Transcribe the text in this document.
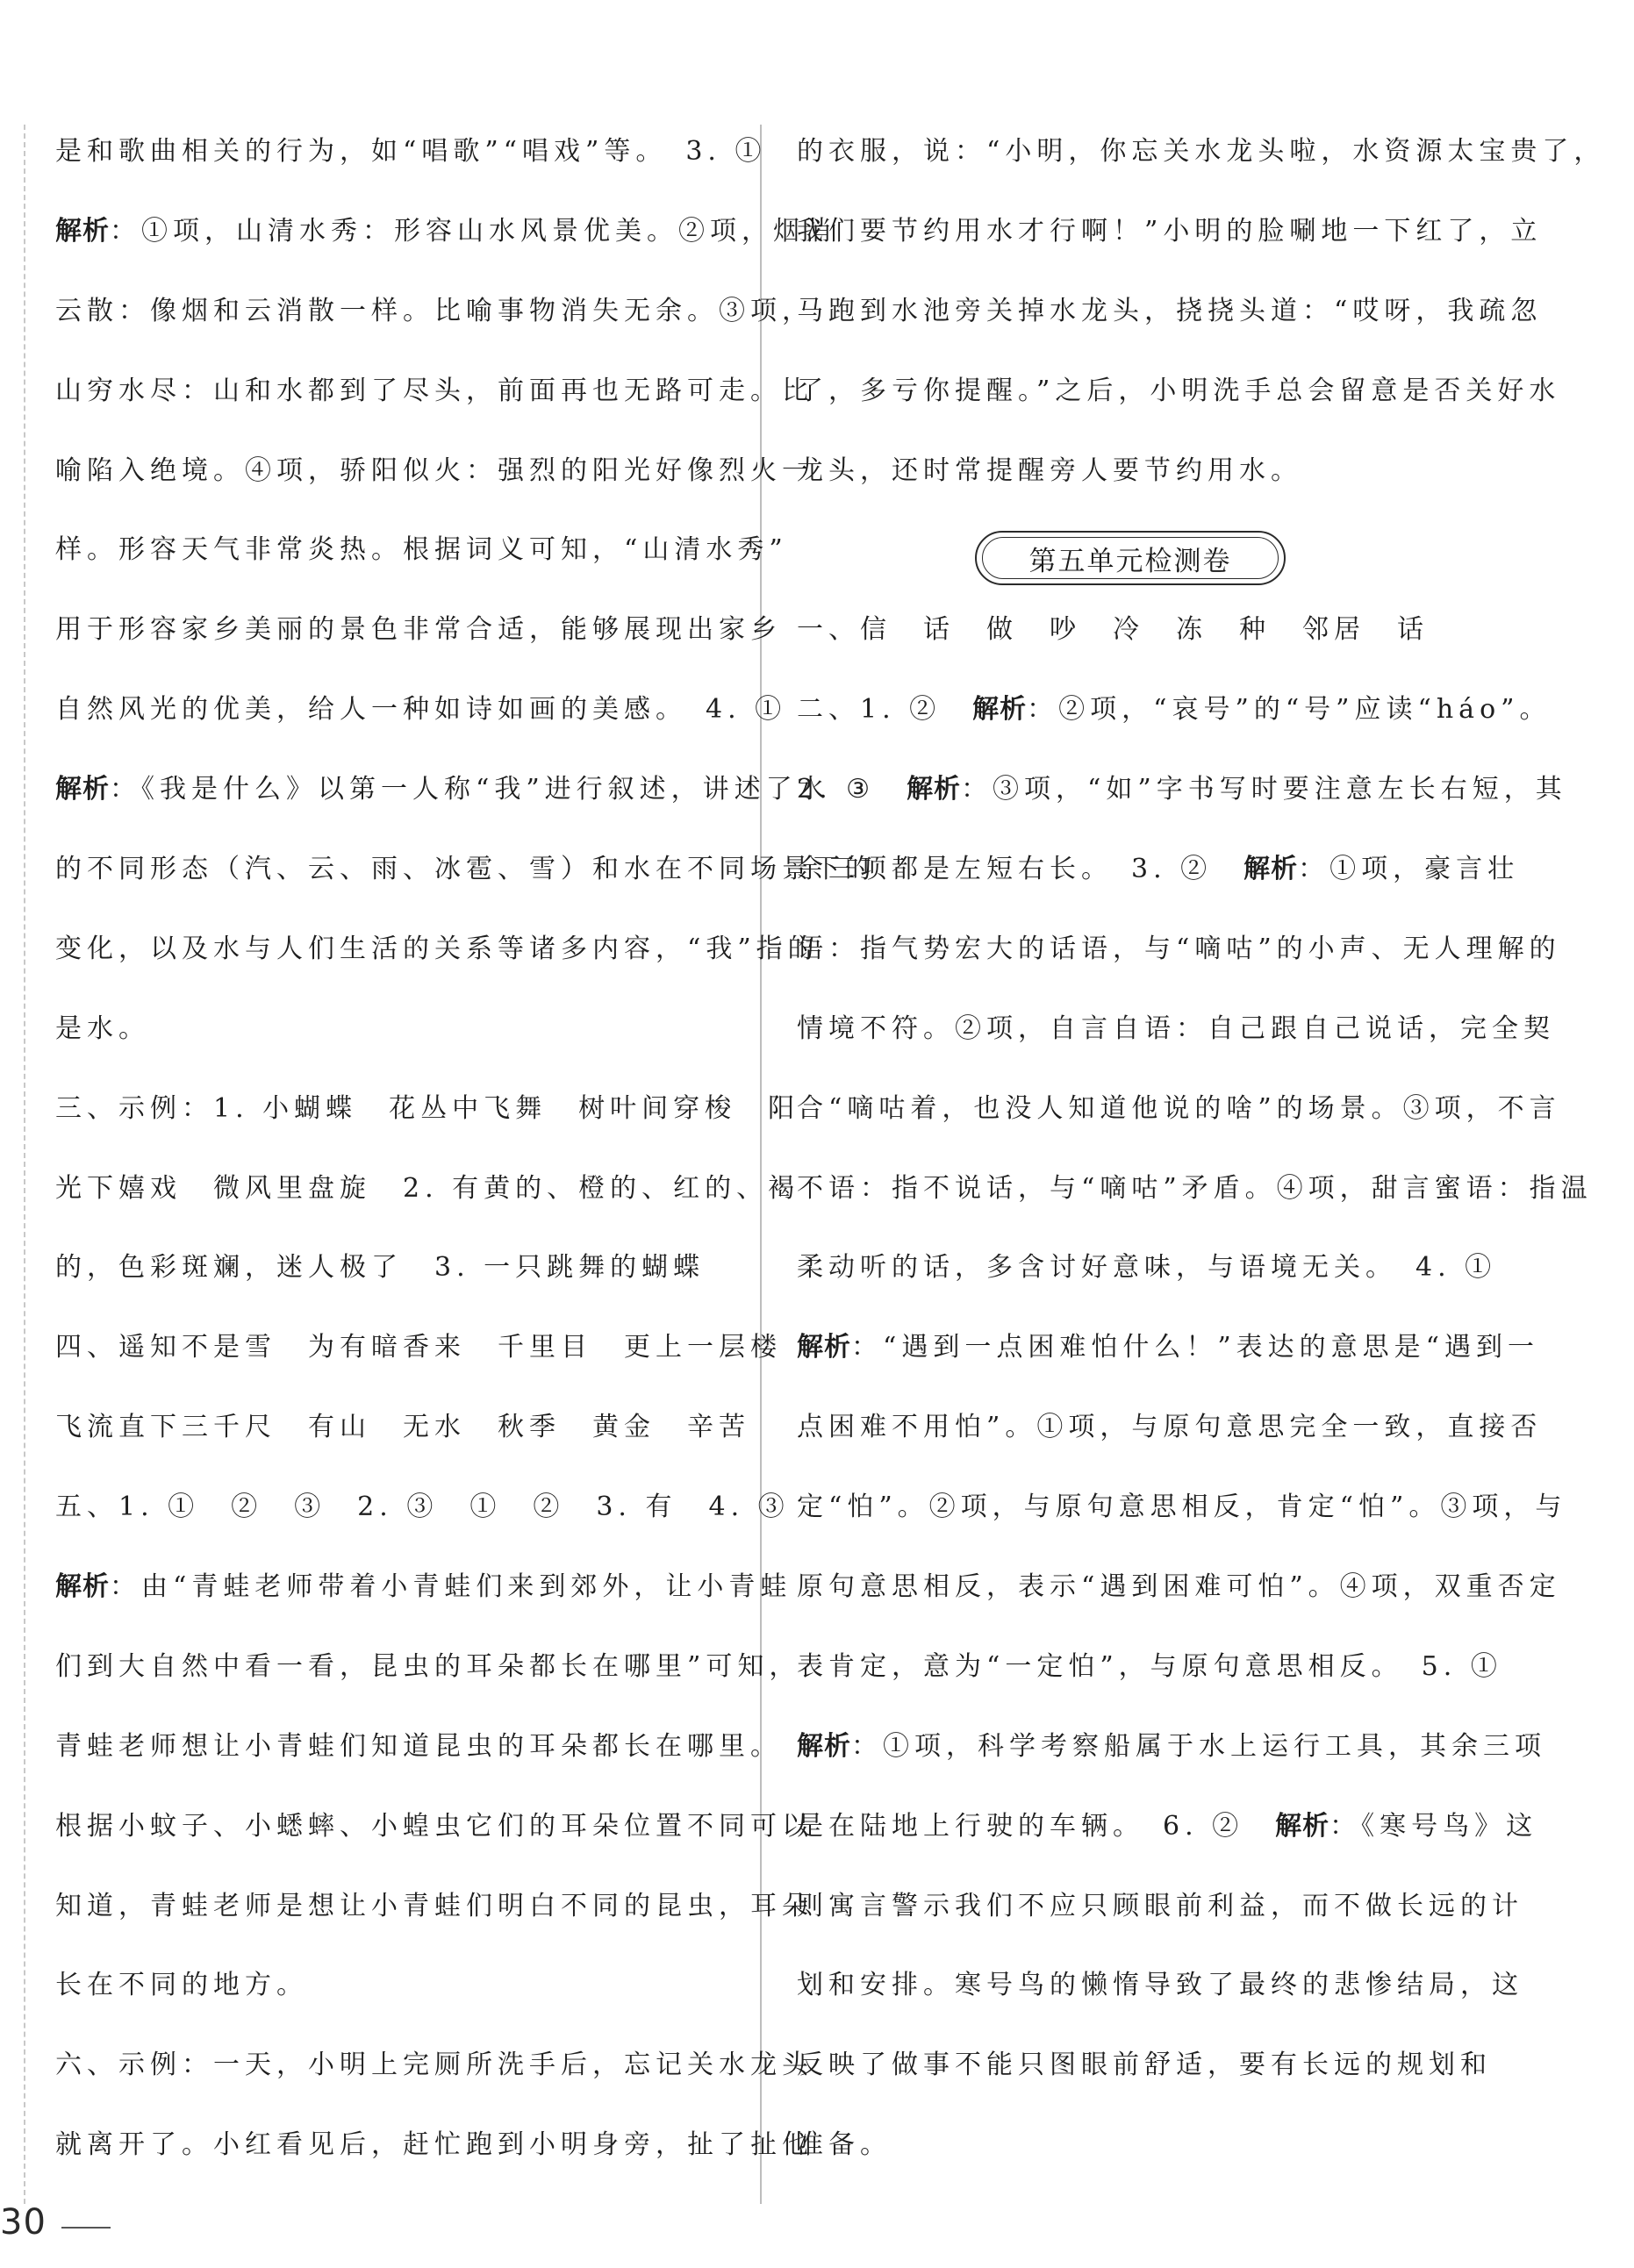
是和歌曲相关的行为，如“唱歌”“唱戏”等。　3. ①
解析：①项，山清水秀：形容山水风景优美。②项，烟消
云散：像烟和云消散一样。比喻事物消失无余。③项，
山穷水尽：山和水都到了尽头，前面再也无路可走。比
喻陷入绝境。④项，骄阳似火：强烈的阳光好像烈火一
样。形容天气非常炎热。根据词义可知，“山清水秀”
用于形容家乡美丽的景色非常合适，能够展现出家乡
自然风光的优美，给人一种如诗如画的美感。　4. ①
解析：《我是什么》以第一人称“我”进行叙述，讲述了水
的不同形态（汽、云、雨、冰雹、雪）和水在不同场景下的
变化，以及水与人们生活的关系等诸多内容，“我”指的
是水。
三、示例：1. 小蝴蝶　花丛中飞舞　树叶间穿梭　阳
光下嬉戏　微风里盘旋　2. 有黄的、橙的、红的、褐
的，色彩斑斓，迷人极了　3. 一只跳舞的蝴蝶
四、遥知不是雪　为有暗香来　千里目　更上一层楼
飞流直下三千尺　有山　无水　秋季　黄金　辛苦
五、1. ①　②　③　2. ③　①　②　3. 有　4. ③
解析：由“青蛙老师带着小青蛙们来到郊外，让小青蛙
们到大自然中看一看，昆虫的耳朵都长在哪里”可知，
青蛙老师想让小青蛙们知道昆虫的耳朵都长在哪里。
根据小蚊子、小蟋蟀、小蝗虫它们的耳朵位置不同可以
知道，青蛙老师是想让小青蛙们明白不同的昆虫，耳朵
长在不同的地方。
六、示例：一天，小明上完厕所洗手后，忘记关水龙头
就离开了。小红看见后，赶忙跑到小明身旁，扯了扯他
的衣服，说：“小明，你忘关水龙头啦，水资源太宝贵了，
我们要节约用水才行啊！”小明的脸唰地一下红了，立
马跑到水池旁关掉水龙头，挠挠头道：“哎呀，我疏忽
了，多亏你提醒。”之后，小明洗手总会留意是否关好水
龙头，还时常提醒旁人要节约用水。
一、信　话　做　吵　冷　冻　种　邻居　话
二、1. ②　解析：②项，“哀号”的“号”应读“háo”。
2. ③　解析：③项，“如”字书写时要注意左长右短，其
余三项都是左短右长。　3. ②　解析：①项，豪言壮
语：指气势宏大的话语，与“嘀咕”的小声、无人理解的
情境不符。②项，自言自语：自己跟自己说话，完全契
合“嘀咕着，也没人知道他说的啥”的场景。③项，不言
不语：指不说话，与“嘀咕”矛盾。④项，甜言蜜语：指温
柔动听的话，多含讨好意味，与语境无关。　4. ①
解析：“遇到一点困难怕什么！”表达的意思是“遇到一
点困难不用怕”。①项，与原句意思完全一致，直接否
定“怕”。②项，与原句意思相反，肯定“怕”。③项，与
原句意思相反，表示“遇到困难可怕”。④项，双重否定
表肯定，意为“一定怕”，与原句意思相反。　5. ①
解析：①项，科学考察船属于水上运行工具，其余三项
是在陆地上行驶的车辆。　6. ②　解析：《寒号鸟》这
则寓言警示我们不应只顾眼前利益，而不做长远的计
划和安排。寒号鸟的懒惰导致了最终的悲惨结局，这
反映了做事不能只图眼前舒适，要有长远的规划和
准备。
第五单元检测卷
30
